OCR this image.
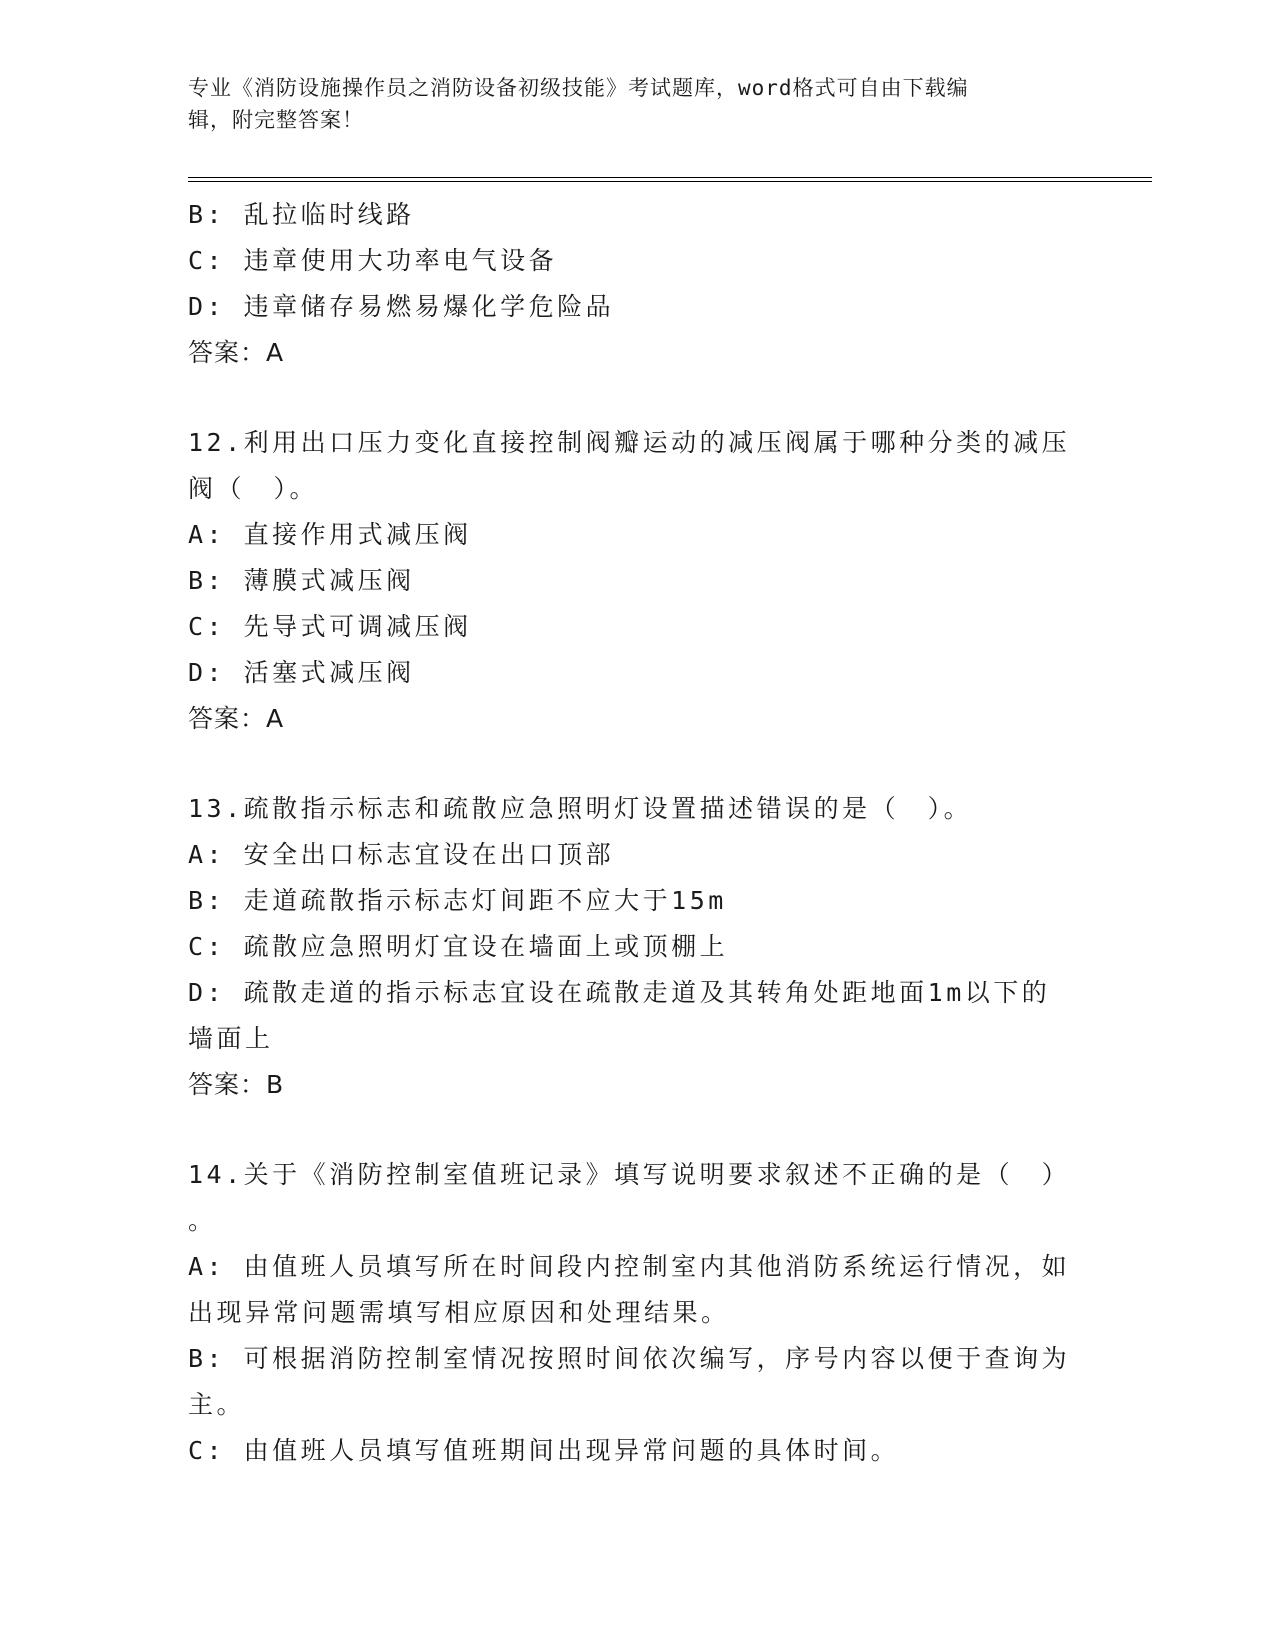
专业《消防设施操作员之消防设备初级技能》考试题库，word格式可自由下载编
辑，附完整答案！
B: 乱拉临时线路
C: 违章使用大功率电气设备
D: 违章储存易燃易爆化学危险品
答案：A
12.利用出口压力变化直接控制阀瓣运动的减压阀属于哪种分类的减压
阀（　）。
A: 直接作用式减压阀
B: 薄膜式减压阀
C: 先导式可调减压阀
D: 活塞式减压阀
答案：A
13.疏散指示标志和疏散应急照明灯设置描述错误的是（　）。
A: 安全出口标志宜设在出口顶部
B: 走道疏散指示标志灯间距不应大于15m
C: 疏散应急照明灯宜设在墙面上或顶棚上
D: 疏散走道的指示标志宜设在疏散走道及其转角处距地面1m以下的
墙面上
答案：B
14.关于《消防控制室值班记录》填写说明要求叙述不正确的是（　）
。
A: 由值班人员填写所在时间段内控制室内其他消防系统运行情况，如
出现异常问题需填写相应原因和处理结果。
B: 可根据消防控制室情况按照时间依次编写，序号内容以便于查询为
主。
C: 由值班人员填写值班期间出现异常问题的具体时间。
